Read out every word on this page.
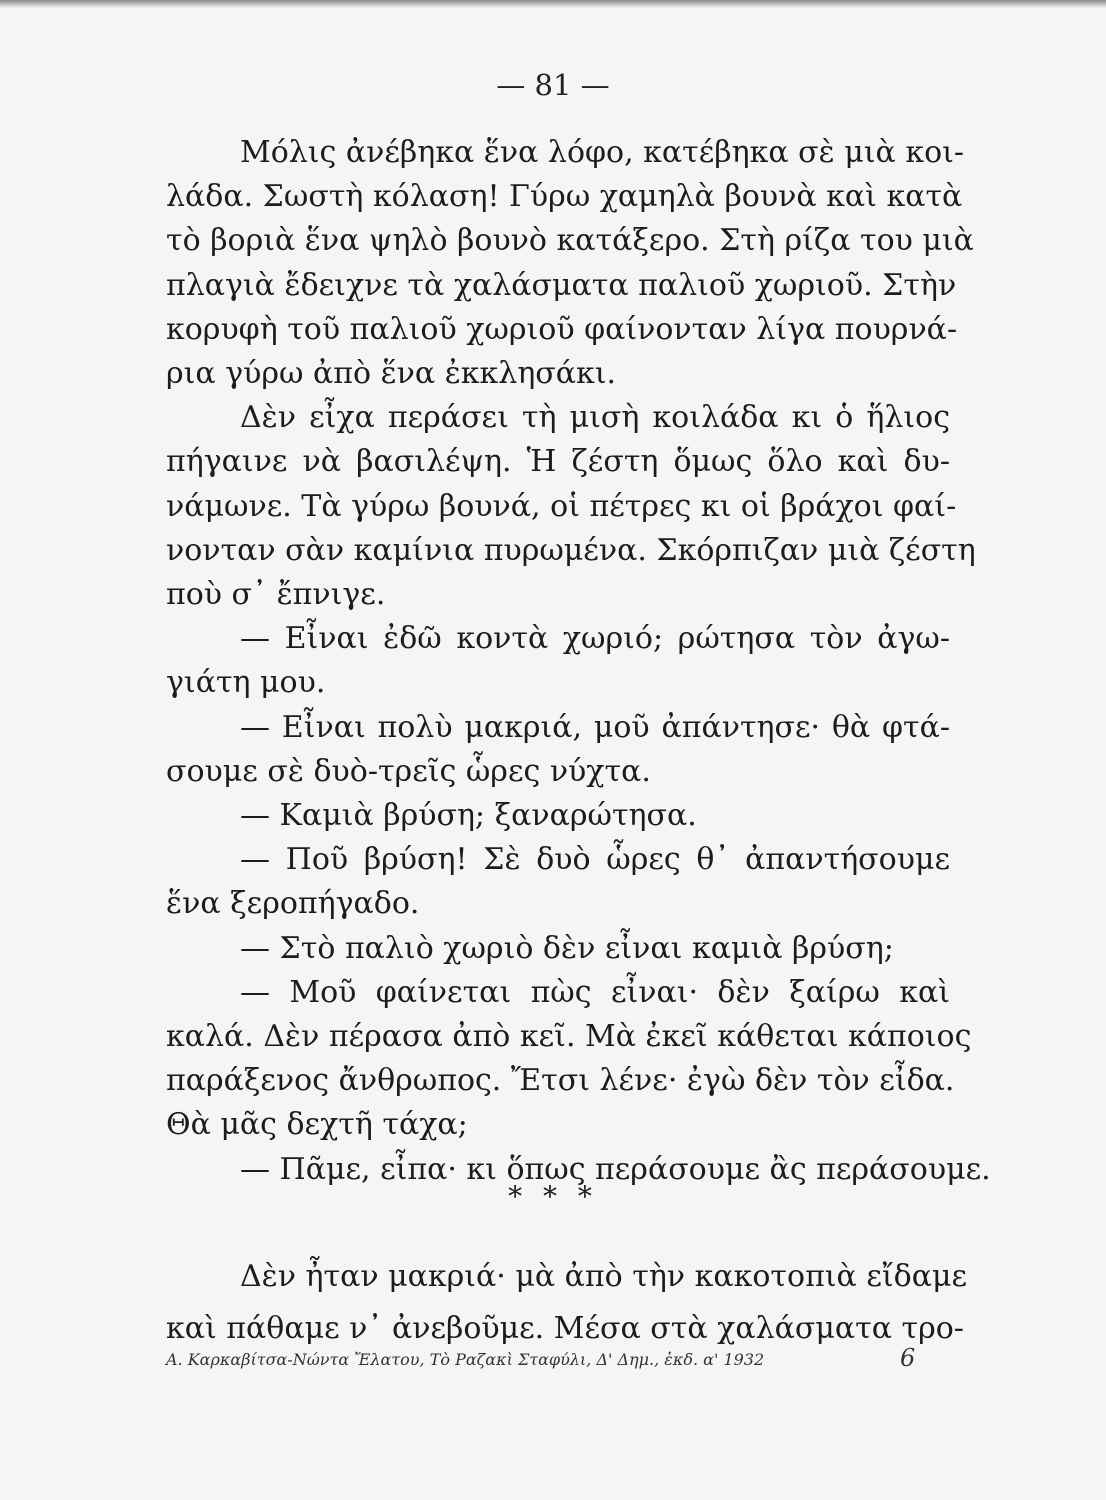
— 81 —
Μόλις ἀνέβηκα ἕνα λόφο, κατέβηκα σὲ μιὰ κοι-
λάδα. Σωστὴ κόλαση! Γύρω χαμηλὰ βουνὰ καὶ κατὰ
τὸ βοριὰ ἕνα ψηλὸ βουνὸ κατάξερο. Στὴ ρίζα του μιὰ
πλαγιὰ ἔδειχνε τὰ χαλάσματα παλιοῦ χωριοῦ. Στὴν
κορυφὴ τοῦ παλιοῦ χωριοῦ φαίνονταν λίγα πουρνά-
ρια γύρω ἀπὸ ἕνα ἐκκλησάκι.
Δὲν εἶχα περάσει τὴ μισὴ κοιλάδα κι ὁ ἥλιος
πήγαινε νὰ βασιλέψη. Ἡ ζέστη ὅμως ὅλο καὶ δυ-
νάμωνε. Τὰ γύρω βουνά, οἱ πέτρες κι οἱ βράχοι φαί-
νονταν σὰν καμίνια πυρωμένα. Σκόρπιζαν μιὰ ζέστη
ποὺ σ᾿ ἔπνιγε.
— Εἶναι ἐδῶ κοντὰ χωριό; ρώτησα τὸν ἀγω-
γιάτη μου.
— Εἶναι πολὺ μακριά, μοῦ ἀπάντησε· θὰ φτά-
σουμε σὲ δυὸ-τρεῖς ὧρες νύχτα.
— Καμιὰ βρύση; ξαναρώτησα.
— Ποῦ βρύση! Σὲ δυὸ ὧρες θ᾿ ἀπαντήσουμε
ἕνα ξεροπήγαδο.
— Στὸ παλιὸ χωριὸ δὲν εἶναι καμιὰ βρύση;
— Μοῦ φαίνεται πὼς εἶναι· δὲν ξαίρω καὶ
καλά. Δὲν πέρασα ἀπὸ κεῖ. Μὰ ἐκεῖ κάθεται κάποιος
παράξενος ἄνθρωπος. Ἔτσι λένε· ἐγὼ δὲν τὸν εἶδα.
Θὰ μᾶς δεχτῆ τάχα;
— Πᾶμε, εἶπα· κι ὅπως περάσουμε ἂς περάσουμε.
* * *
Δὲν ἦταν μακριά· μὰ ἀπὸ τὴν κακοτοπιὰ εἴδαμε
Α. Καρκαβίτσα-Νώντα Ἔλατου, Τὸ Ραζακὶ Σταφύλι, Δ' Δημ., ἐκδ. α' 1932	6
καὶ πάθαμε ν᾿ ἀνεβοῦμε. Μέσα στὰ χαλάσματα τρο-
